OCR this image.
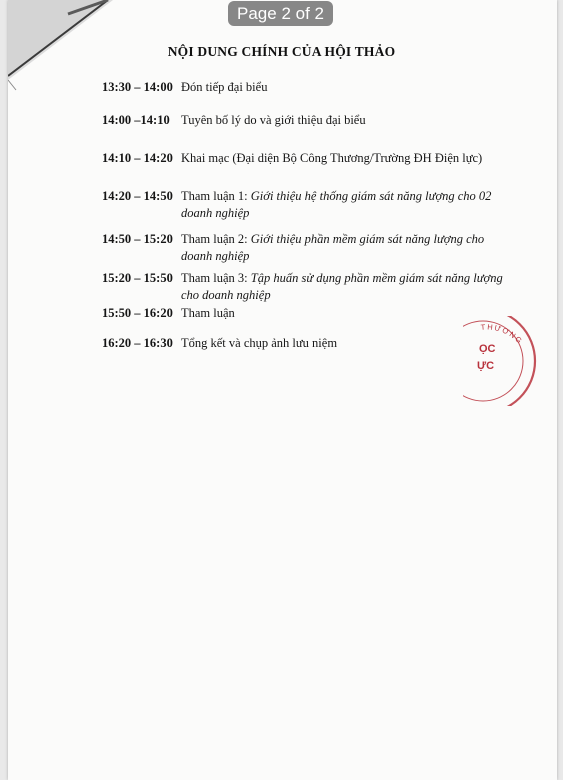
NỘI DUNG CHÍNH CỦA HỘI THẢO
13:30 – 14:00 Đón tiếp đại biểu
14:00 –14:10 Tuyên bố lý do và giới thiệu đại biểu
14:10 – 14:20 Khai mạc (Đại diện Bộ Công Thương/Trường ĐH Điện lực)
14:20 – 14:50 Tham luận 1: Giới thiệu hệ thống giám sát năng lượng cho 02 doanh nghiệp
14:50 – 15:20 Tham luận 2: Giới thiệu phần mềm giám sát năng lượng cho doanh nghiệp
15:20 – 15:50 Tham luận 3: Tập huấn sử dụng phần mềm giám sát năng lượng cho doanh nghiệp
15:50 – 16:20 Tham luận
16:20 – 16:30 Tổng kết và chụp ảnh lưu niệm
THƯƠNG
ỌC
ỰC
Page 2 of 2
